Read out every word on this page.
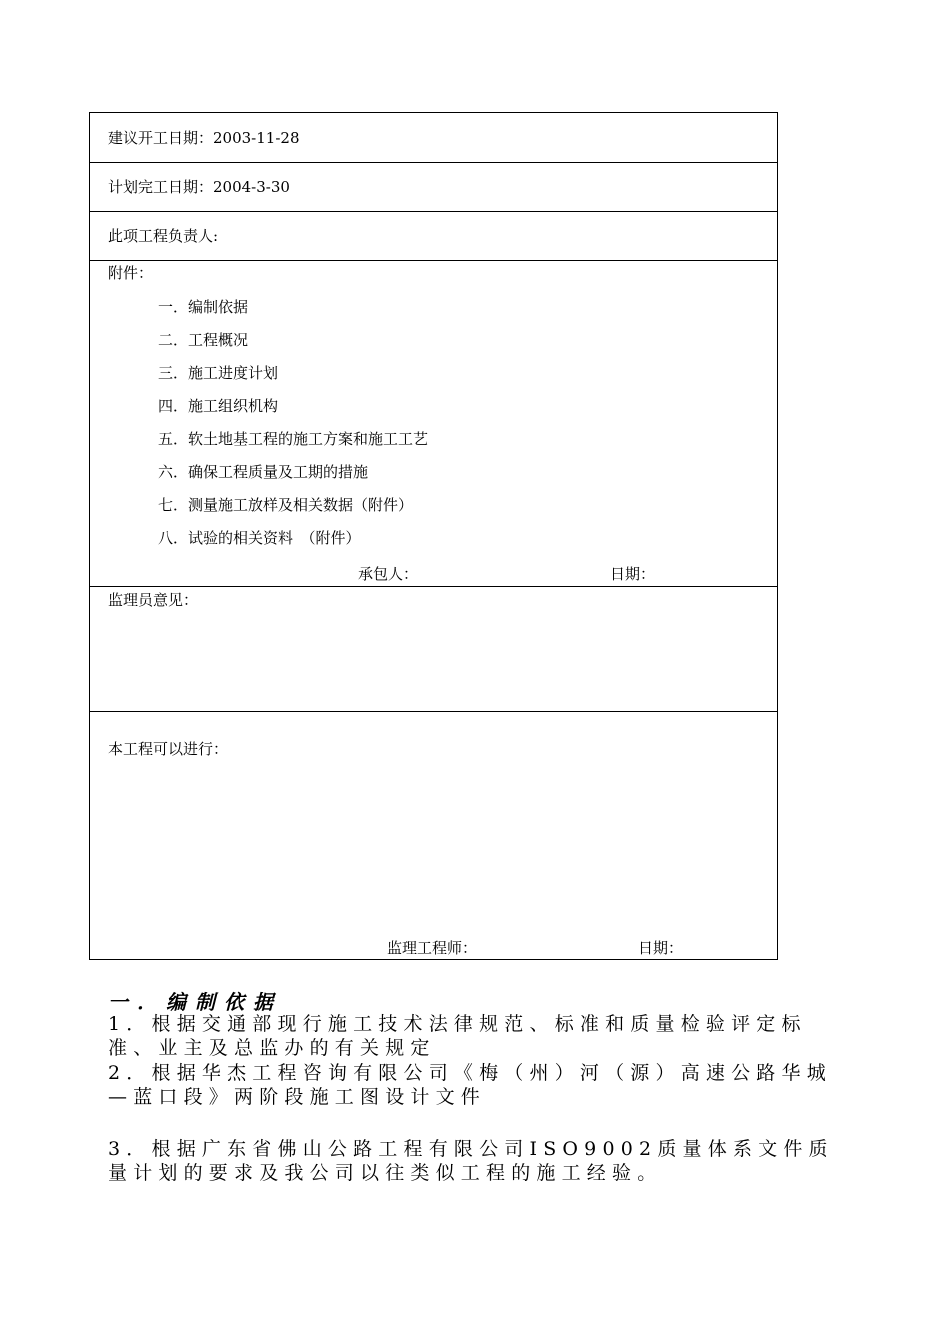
建议开工日期：2003-11-28
计划完工日期：2004-3-30
此项工程负责人:
附件：
一．编制依据
二．工程概况
三．施工进度计划
四．施工组织机构
五．软土地基工程的施工方案和施工工艺
六．确保工程质量及工期的措施
七．测量施工放样及相关数据（附件）
八．试验的相关资料　（附件）
承包人：	日期：
监理员意见：
本工程可以进行：
监理工程师：	日期：
一．编制依据
1．根据交通部现行施工技术法律规范、标准和质量检验评定标准、业主及总监办的有关规定
2．根据华杰工程咨询有限公司《梅（州）河（源）高速公路华城—蓝口段》两阶段施工图设计文件
3．根据广东省佛山公路工程有限公司ISO9002质量体系文件质量计划的要求及我公司以往类似工程的施工经验。
